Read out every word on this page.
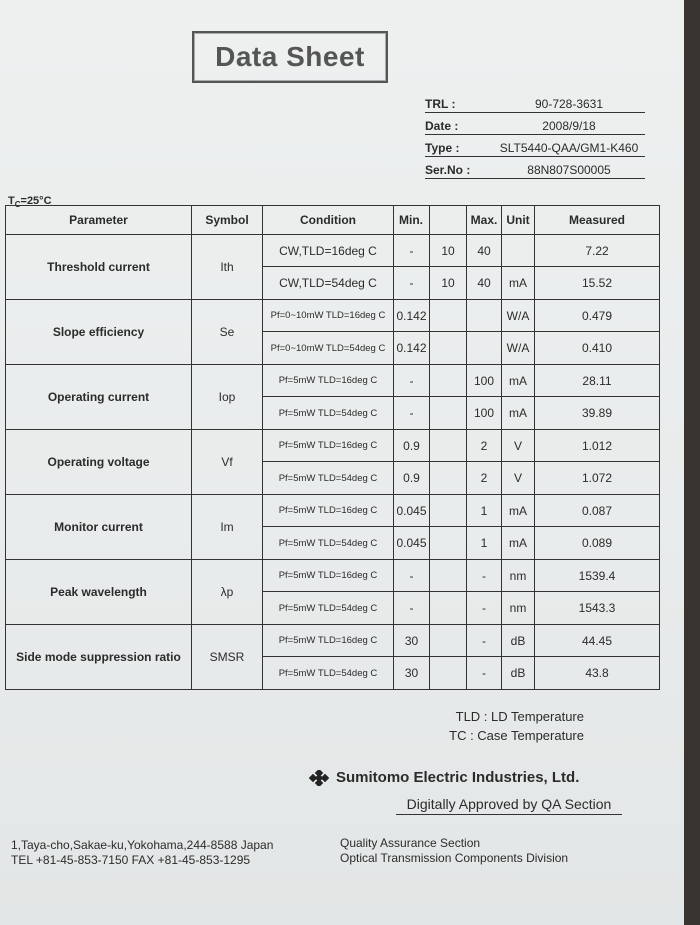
Data Sheet
TRL :	90-728-3631
Date :	2008/9/18
Type :	SLT5440-QAA/GM1-K460
Ser.No :	88N807S00005
$T_C=25^\circ C$
Parameter	Symbol	Condition	Min.		Max.	Unit	Measured
Threshold current	Ith	CW,TLD=16deg C	-	10	40		7.22
		CW,TLD=54deg C	-	10	40	mA	15.52
Slope efficiency	Se	Pf=0~10mW TLD=16deg C	0.142			W/A	0.479
		Pf=0~10mW TLD=54deg C	0.142			W/A	0.410
Operating current	Iop	Pf=5mW TLD=16deg C	-		100	mA	28.11
		Pf=5mW TLD=54deg C	-		100	mA	39.89
Operating voltage	Vf	Pf=5mW TLD=16deg C	0.9		2	V	1.012
		Pf=5mW TLD=54deg C	0.9		2	V	1.072
Monitor current	Im	Pf=5mW TLD=16deg C	0.045		1	mA	0.087
		Pf=5mW TLD=54deg C	0.045		1	mA	0.089
Peak wavelength	λp	Pf=5mW TLD=16deg C	-		-	nm	1539.4
		Pf=5mW TLD=54deg C	-		-	nm	1543.3
Side mode suppression ratio	SMSR	Pf=5mW TLD=16deg C	30		-	dB	44.45
		Pf=5mW TLD=54deg C	30		-	dB	43.8
TLD : LD Temperature
TC : Case Temperature
Sumitomo Electric Industries, Ltd.
Digitally Approved by QA Section
1,Taya-cho,Sakae-ku,Yokohama,244-8588 Japan
TEL +81-45-853-7150 FAX +81-45-853-1295
Quality Assurance Section
Optical Transmission Components Division
